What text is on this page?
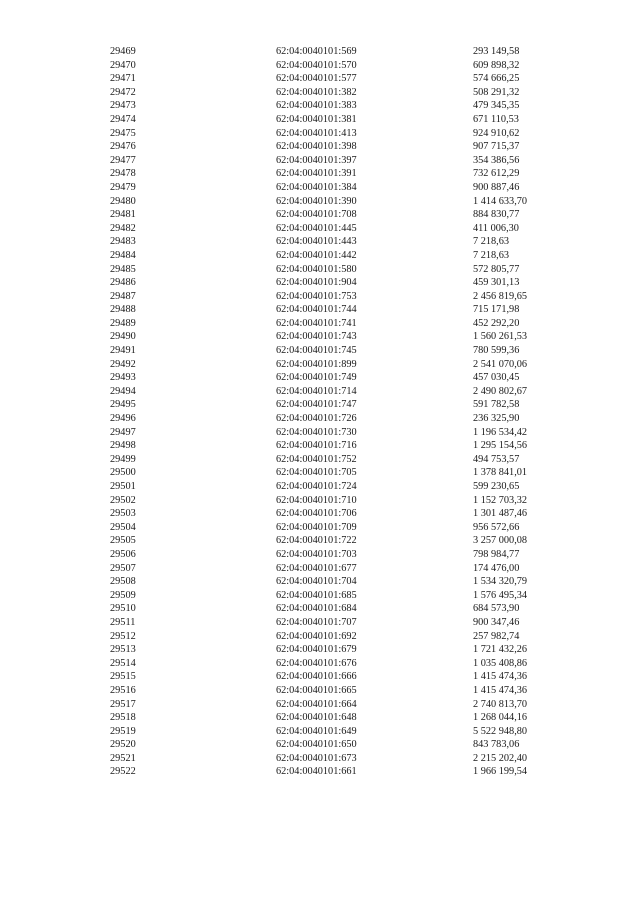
29469	62:04:0040101:569	293 149,58
29470	62:04:0040101:570	609 898,32
29471	62:04:0040101:577	574 666,25
29472	62:04:0040101:382	508 291,32
29473	62:04:0040101:383	479 345,35
29474	62:04:0040101:381	671 110,53
29475	62:04:0040101:413	924 910,62
29476	62:04:0040101:398	907 715,37
29477	62:04:0040101:397	354 386,56
29478	62:04:0040101:391	732 612,29
29479	62:04:0040101:384	900 887,46
29480	62:04:0040101:390	1 414 633,70
29481	62:04:0040101:708	884 830,77
29482	62:04:0040101:445	411 006,30
29483	62:04:0040101:443	7 218,63
29484	62:04:0040101:442	7 218,63
29485	62:04:0040101:580	572 805,77
29486	62:04:0040101:904	459 301,13
29487	62:04:0040101:753	2 456 819,65
29488	62:04:0040101:744	715 171,98
29489	62:04:0040101:741	452 292,20
29490	62:04:0040101:743	1 560 261,53
29491	62:04:0040101:745	780 599,36
29492	62:04:0040101:899	2 541 070,06
29493	62:04:0040101:749	457 030,45
29494	62:04:0040101:714	2 490 802,67
29495	62:04:0040101:747	591 782,58
29496	62:04:0040101:726	236 325,90
29497	62:04:0040101:730	1 196 534,42
29498	62:04:0040101:716	1 295 154,56
29499	62:04:0040101:752	494 753,57
29500	62:04:0040101:705	1 378 841,01
29501	62:04:0040101:724	599 230,65
29502	62:04:0040101:710	1 152 703,32
29503	62:04:0040101:706	1 301 487,46
29504	62:04:0040101:709	956 572,66
29505	62:04:0040101:722	3 257 000,08
29506	62:04:0040101:703	798 984,77
29507	62:04:0040101:677	174 476,00
29508	62:04:0040101:704	1 534 320,79
29509	62:04:0040101:685	1 576 495,34
29510	62:04:0040101:684	684 573,90
29511	62:04:0040101:707	900 347,46
29512	62:04:0040101:692	257 982,74
29513	62:04:0040101:679	1 721 432,26
29514	62:04:0040101:676	1 035 408,86
29515	62:04:0040101:666	1 415 474,36
29516	62:04:0040101:665	1 415 474,36
29517	62:04:0040101:664	2 740 813,70
29518	62:04:0040101:648	1 268 044,16
29519	62:04:0040101:649	5 522 948,80
29520	62:04:0040101:650	843 783,06
29521	62:04:0040101:673	2 215 202,40
29522	62:04:0040101:661	1 966 199,54
